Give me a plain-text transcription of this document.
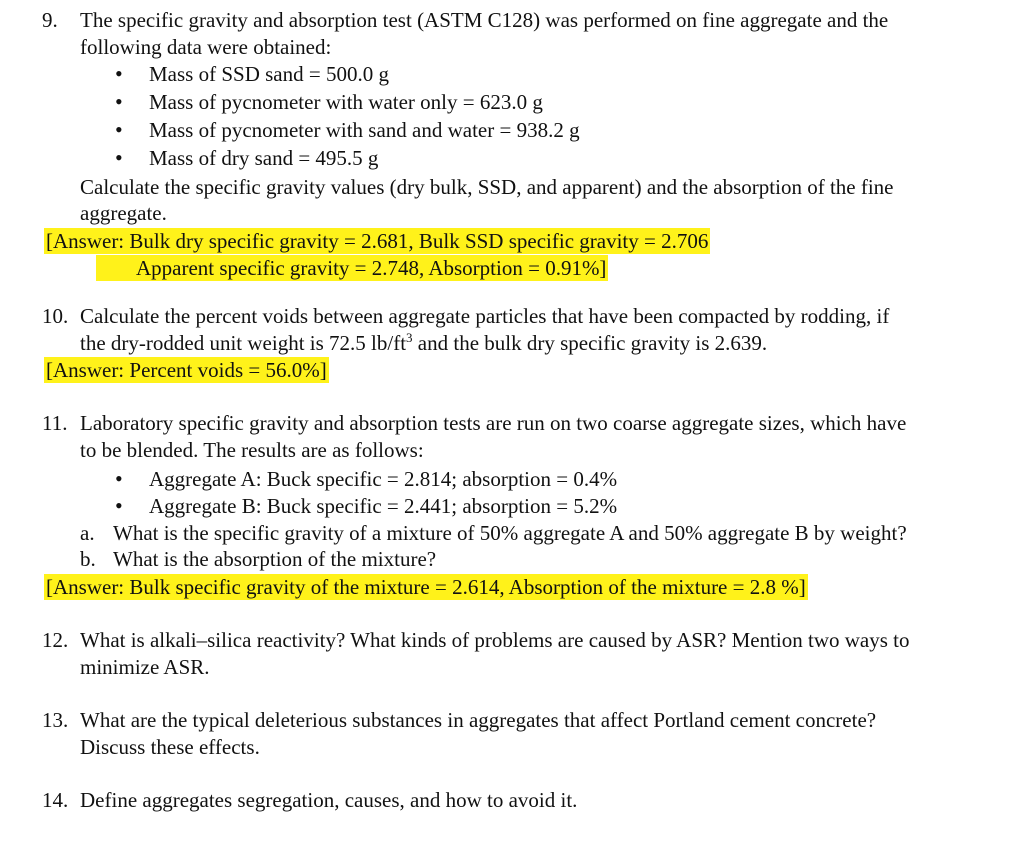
9. The specific gravity and absorption test (ASTM C128) was performed on fine aggregate and the
following data were obtained:
• Mass of SSD sand = 500.0 g
• Mass of pycnometer with water only = 623.0 g
• Mass of pycnometer with sand and water = 938.2 g
• Mass of dry sand = 495.5 g
Calculate the specific gravity values (dry bulk, SSD, and apparent) and the absorption of the fine
aggregate.
[Answer: Bulk dry specific gravity = 2.681, Bulk SSD specific gravity = 2.706
Apparent specific gravity = 2.748, Absorption = 0.91%]
10. Calculate the percent voids between aggregate particles that have been compacted by rodding, if
the dry-rodded unit weight is 72.5 $lb/ft^3$ and the bulk dry specific gravity is 2.639.
[Answer: Percent voids = 56.0%]
11. Laboratory specific gravity and absorption tests are run on two coarse aggregate sizes, which have
to be blended. The results are as follows:
• Aggregate A: Buck specific = 2.814; absorption = 0.4%
• Aggregate B: Buck specific = 2.441; absorption = 5.2%
a. What is the specific gravity of a mixture of 50% aggregate A and 50% aggregate B by weight?
b. What is the absorption of the mixture?
[Answer: Bulk specific gravity of the mixture = 2.614, Absorption of the mixture = 2.8 %]
12. What is alkali–silica reactivity? What kinds of problems are caused by ASR? Mention two ways to
minimize ASR.
13. What are the typical deleterious substances in aggregates that affect Portland cement concrete?
Discuss these effects.
14. Define aggregates segregation, causes, and how to avoid it.
